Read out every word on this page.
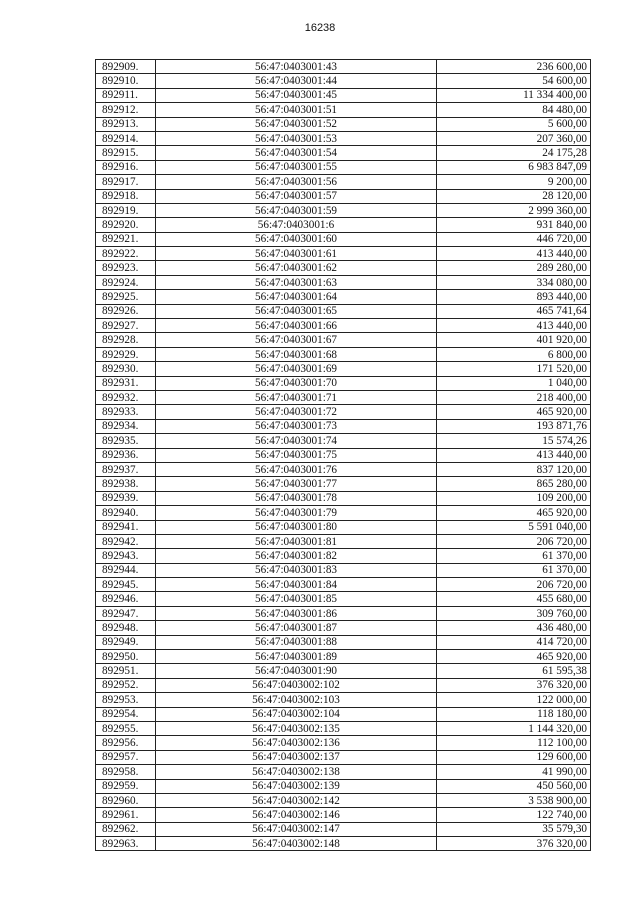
16238
892909.	56:47:0403001:43	236 600,00
892910.	56:47:0403001:44	54 600,00
892911.	56:47:0403001:45	11 334 400,00
892912.	56:47:0403001:51	84 480,00
892913.	56:47:0403001:52	5 600,00
892914.	56:47:0403001:53	207 360,00
892915.	56:47:0403001:54	24 175,28
892916.	56:47:0403001:55	6 983 847,09
892917.	56:47:0403001:56	9 200,00
892918.	56:47:0403001:57	28 120,00
892919.	56:47:0403001:59	2 999 360,00
892920.	56:47:0403001:6	931 840,00
892921.	56:47:0403001:60	446 720,00
892922.	56:47:0403001:61	413 440,00
892923.	56:47:0403001:62	289 280,00
892924.	56:47:0403001:63	334 080,00
892925.	56:47:0403001:64	893 440,00
892926.	56:47:0403001:65	465 741,64
892927.	56:47:0403001:66	413 440,00
892928.	56:47:0403001:67	401 920,00
892929.	56:47:0403001:68	6 800,00
892930.	56:47:0403001:69	171 520,00
892931.	56:47:0403001:70	1 040,00
892932.	56:47:0403001:71	218 400,00
892933.	56:47:0403001:72	465 920,00
892934.	56:47:0403001:73	193 871,76
892935.	56:47:0403001:74	15 574,26
892936.	56:47:0403001:75	413 440,00
892937.	56:47:0403001:76	837 120,00
892938.	56:47:0403001:77	865 280,00
892939.	56:47:0403001:78	109 200,00
892940.	56:47:0403001:79	465 920,00
892941.	56:47:0403001:80	5 591 040,00
892942.	56:47:0403001:81	206 720,00
892943.	56:47:0403001:82	61 370,00
892944.	56:47:0403001:83	61 370,00
892945.	56:47:0403001:84	206 720,00
892946.	56:47:0403001:85	455 680,00
892947.	56:47:0403001:86	309 760,00
892948.	56:47:0403001:87	436 480,00
892949.	56:47:0403001:88	414 720,00
892950.	56:47:0403001:89	465 920,00
892951.	56:47:0403001:90	61 595,38
892952.	56:47:0403002:102	376 320,00
892953.	56:47:0403002:103	122 000,00
892954.	56:47:0403002:104	118 180,00
892955.	56:47:0403002:135	1 144 320,00
892956.	56:47:0403002:136	112 100,00
892957.	56:47:0403002:137	129 600,00
892958.	56:47:0403002:138	41 990,00
892959.	56:47:0403002:139	450 560,00
892960.	56:47:0403002:142	3 538 900,00
892961.	56:47:0403002:146	122 740,00
892962.	56:47:0403002:147	35 579,30
892963.	56:47:0403002:148	376 320,00
